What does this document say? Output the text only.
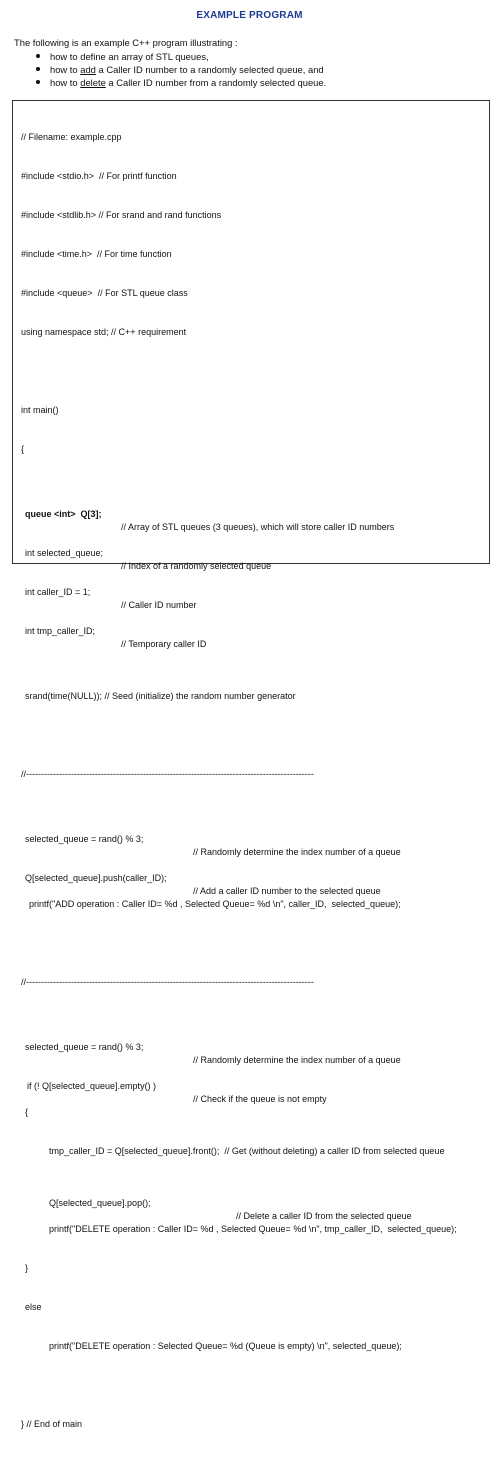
EXAMPLE PROGRAM
The following is an example C++ program illustrating :
how to define an array of STL queues,
how to add a Caller ID number to a randomly selected queue, and
how to delete a Caller ID number from a randomly selected queue.

// Filename: example.cpp

#include <stdio.h>  // For printf function

#include <stdlib.h> // For srand and rand functions

#include <time.h>  // For time function

#include <queue>  // For STL queue class

using namespace std; // C++ requirement

int main()

{

queue <int>  Q[3];

// Array of STL queues (3 queues), which will store caller ID numbers

int selected_queue;

// Index of a randomly selected queue

int caller_ID = 1;

// Caller ID number

int tmp_caller_ID;

// Temporary caller ID

srand(time(NULL)); // Seed (initialize) the random number generator

//------------------------------------------------------------------------------------------------

selected_queue = rand() % 3;

// Randomly determine the index number of a queue

Q[selected_queue].push(caller_ID);

// Add a caller ID number to the selected queue

printf("ADD operation : Caller ID= %d , Selected Queue= %d \n", caller_ID,  selected_queue);

//------------------------------------------------------------------------------------------------

selected_queue = rand() % 3;

// Randomly determine the index number of a queue

if (! Q[selected_queue].empty() )

// Check if the queue is not empty

{

tmp_caller_ID = Q[selected_queue].front();  // Get (without deleting) a caller ID from selected queue

Q[selected_queue].pop();

// Delete a caller ID from the selected queue

printf("DELETE operation : Caller ID= %d , Selected Queue= %d \n", tmp_caller_ID,  selected_queue);

}

else

printf("DELETE operation : Selected Queue= %d (Queue is empty) \n", selected_queue);

} // End of main
